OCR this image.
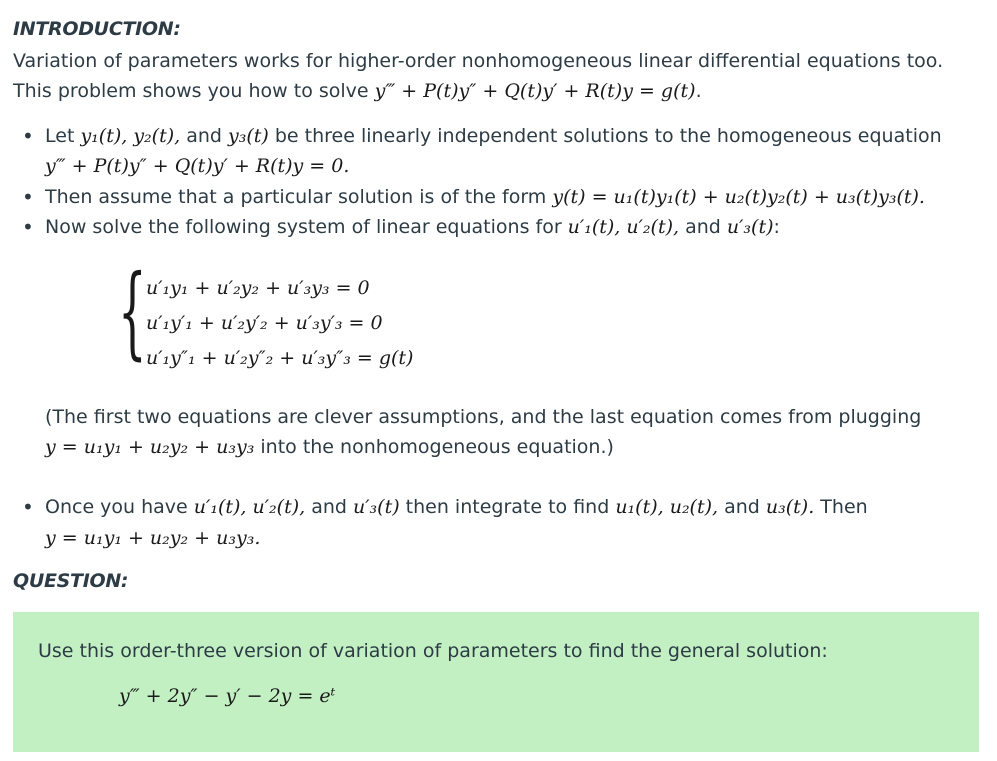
INTRODUCTION:
Variation of parameters works for higher-order nonhomogeneous linear differential equations too.
This problem shows you how to solve y‴ + P(t)y″ + Q(t)y′ + R(t)y = g(t).
• Let y₁(t), y₂(t), and y₃(t) be three linearly independent solutions to the homogeneous equation
y‴ + P(t)y″ + Q(t)y′ + R(t)y = 0.
• Then assume that a particular solution is of the form y(t) = u₁(t)y₁(t) + u₂(t)y₂(t) + u₃(t)y₃(t).
• Now solve the following system of linear equations for u′₁(t), u′₂(t), and u′₃(t):
{ u′₁y₁ + u′₂y₂ + u′₃y₃ = 0
u′₁y′₁ + u′₂y′₂ + u′₃y′₃ = 0
u′₁y″₁ + u′₂y″₂ + u′₃y″₃ = g(t)
(The first two equations are clever assumptions, and the last equation comes from plugging
y = u₁y₁ + u₂y₂ + u₃y₃ into the nonhomogeneous equation.)
• Once you have u′₁(t), u′₂(t), and u′₃(t) then integrate to find u₁(t), u₂(t), and u₃(t). Then
y = u₁y₁ + u₂y₂ + u₃y₃.
QUESTION:
Use this order-three version of variation of parameters to find the general solution:
y‴ + 2y″ − y′ − 2y = eᵗ
